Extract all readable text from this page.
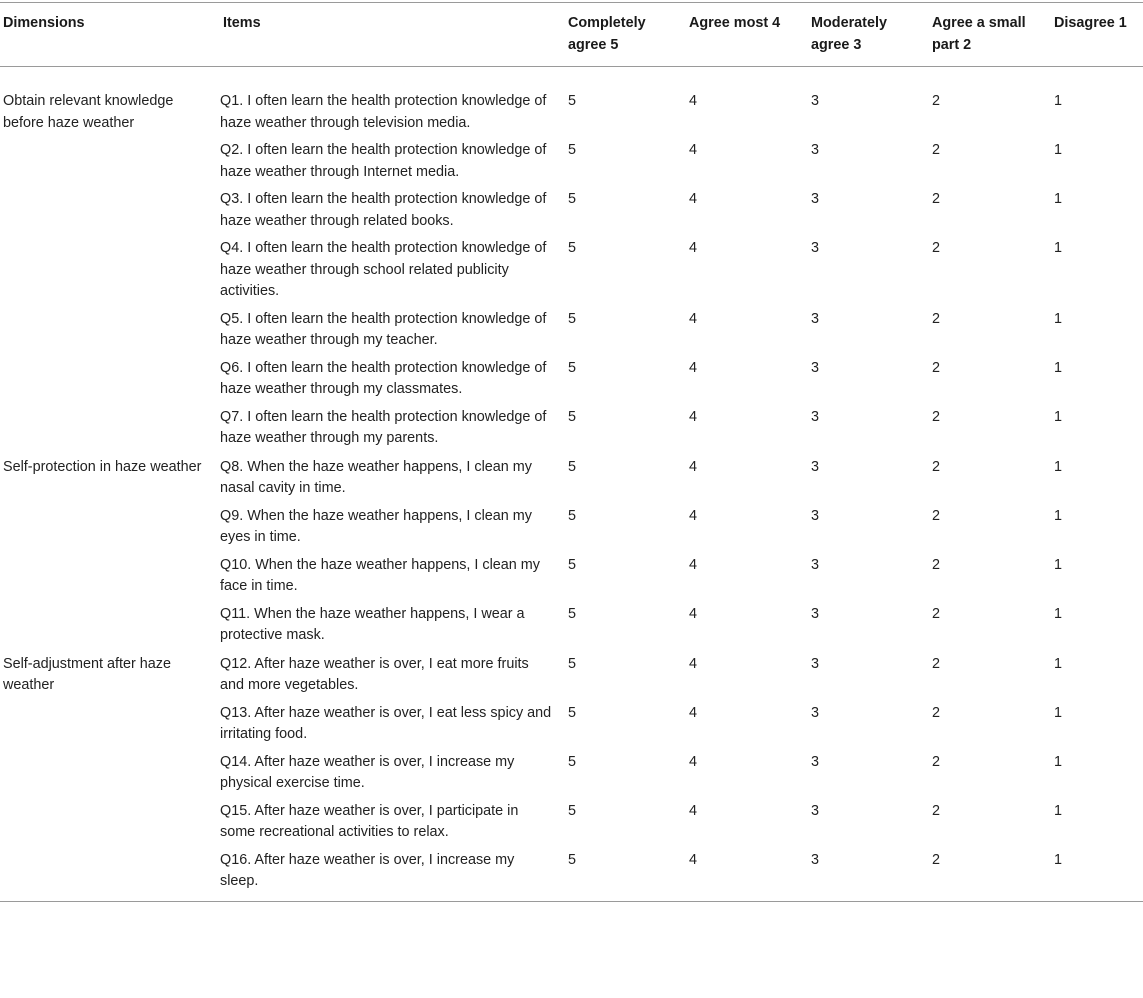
Dimensions	Items	Completely agree 5	Agree most 4	Moderately agree 3	Agree a small part 2	Disagree 1
Obtain relevant knowledge before haze weather	Q1. I often learn the health protection knowledge of haze weather through television media.	5	4	3	2	1
	Q2. I often learn the health protection knowledge of haze weather through Internet media.	5	4	3	2	1
	Q3. I often learn the health protection knowledge of haze weather through related books.	5	4	3	2	1
	Q4. I often learn the health protection knowledge of haze weather through school related publicity activities.	5	4	3	2	1
	Q5. I often learn the health protection knowledge of haze weather through my teacher.	5	4	3	2	1
	Q6. I often learn the health protection knowledge of haze weather through my classmates.	5	4	3	2	1
	Q7. I often learn the health protection knowledge of haze weather through my parents.	5	4	3	2	1
Self-protection in haze weather	Q8. When the haze weather happens, I clean my nasal cavity in time.	5	4	3	2	1
	Q9. When the haze weather happens, I clean my eyes in time.	5	4	3	2	1
	Q10. When the haze weather happens, I clean my face in time.	5	4	3	2	1
	Q11. When the haze weather happens, I wear a protective mask.	5	4	3	2	1
Self-adjustment after haze weather	Q12. After haze weather is over, I eat more fruits and more vegetables.	5	4	3	2	1
	Q13. After haze weather is over, I eat less spicy and irritating food.	5	4	3	2	1
	Q14. After haze weather is over, I increase my physical exercise time.	5	4	3	2	1
	Q15. After haze weather is over, I participate in some recreational activities to relax.	5	4	3	2	1
	Q16. After haze weather is over, I increase my sleep.	5	4	3	2	1
